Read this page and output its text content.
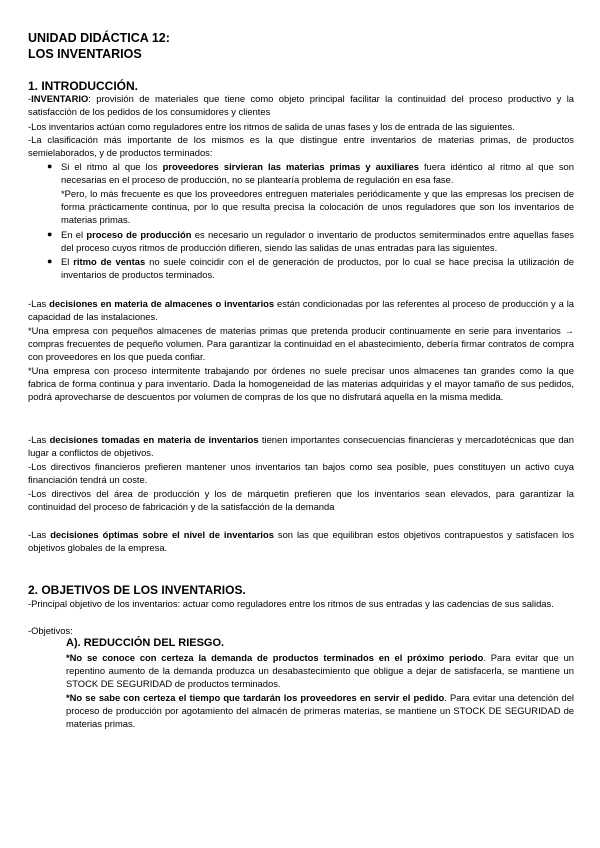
UNIDAD DIDÁCTICA 12:
LOS INVENTARIOS
1. INTRODUCCIÓN.
-INVENTARIO: provisión de materiales que tiene como objeto principal facilitar la continuidad del proceso productivo y la satisfacción de los pedidos de los consumidores y clientes
-Los inventarios actúan como reguladores entre los ritmos de salida de unas fases y los de entrada de las siguientes.
-La clasificación más importante de los mismos es la que distingue entre inventarios de materias primas, de productos semielaborados, y de productos terminados:
● Si el ritmo al que los proveedores sirvieran las materias primas y auxiliares fuera idéntico al ritmo al que son necesarias en el proceso de producción, no se plantearía problema de regulación en esa fase.
*Pero, lo más frecuente es que los proveedores entreguen materiales periódicamente y que las empresas los precisen de forma prácticamente continua, por lo que resulta precisa la colocación de unos reguladores que son los inventarios de materias primas.
● En el proceso de producción es necesario un regulador o inventario de productos semiterminados entre aquellas fases del proceso cuyos ritmos de producción difieren, siendo las salidas de unas entradas para las siguientes.
● El ritmo de ventas no suele coincidir con el de generación de productos, por lo cual se hace precisa la utilización de inventarios de productos terminados.
-Las decisiones en materia de almacenes o inventarios están condicionadas por las referentes al proceso de producción y a la capacidad de las instalaciones.
*Una empresa con pequeños almacenes de materias primas que pretenda producir continuamente en serie para inventarios → compras frecuentes de pequeño volumen. Para garantizar la continuidad en el abastecimiento, debería firmar contratos de compra con proveedores en los que pueda confiar.
*Una empresa con proceso intermitente trabajando por órdenes no suele precisar unos almacenes tan grandes como la que fabrica de forma continua y para inventario. Dada la homogeneidad de las materias adquiridas y el mayor tamaño de sus pedidos, podrá aprovecharse de descuentos por volumen de compras de los que no disfrutará aquella en la misma medida.
-Las decisiones tomadas en materia de inventarios tienen importantes consecuencias financieras y mercadotécnicas que dan lugar a conflictos de objetivos.
-Los directivos financieros prefieren mantener unos inventarios tan bajos como sea posible, pues constituyen un activo cuya financiación tendrá un coste.
-Los directivos del área de producción y los de márquetin prefieren que los inventarios sean elevados, para garantizar la continuidad del proceso de fabricación y de la satisfacción de la demanda
-Las decisiones óptimas sobre el nivel de inventarios son las que equilibran estos objetivos contrapuestos y satisfacen los objetivos globales de la empresa.
2. OBJETIVOS DE LOS INVENTARIOS.
-Principal objetivo de los inventarios: actuar como reguladores entre los ritmos de sus entradas y las cadencias de sus salidas.
-Objetivos:
A). REDUCCIÓN DEL RIESGO.
*No se conoce con certeza la demanda de productos terminados en el próximo periodo. Para evitar que un repentino aumento de la demanda produzca un desabastecimiento que obligue a dejar de satisfacerla, se mantiene un STOCK DE SEGURIDAD de productos terminados.
*No se sabe con certeza el tiempo que tardarán los proveedores en servir el pedido. Para evitar una detención del proceso de producción por agotamiento del almacén de primeras materias, se mantiene un STOCK DE SEGURIDAD de materias primas.
